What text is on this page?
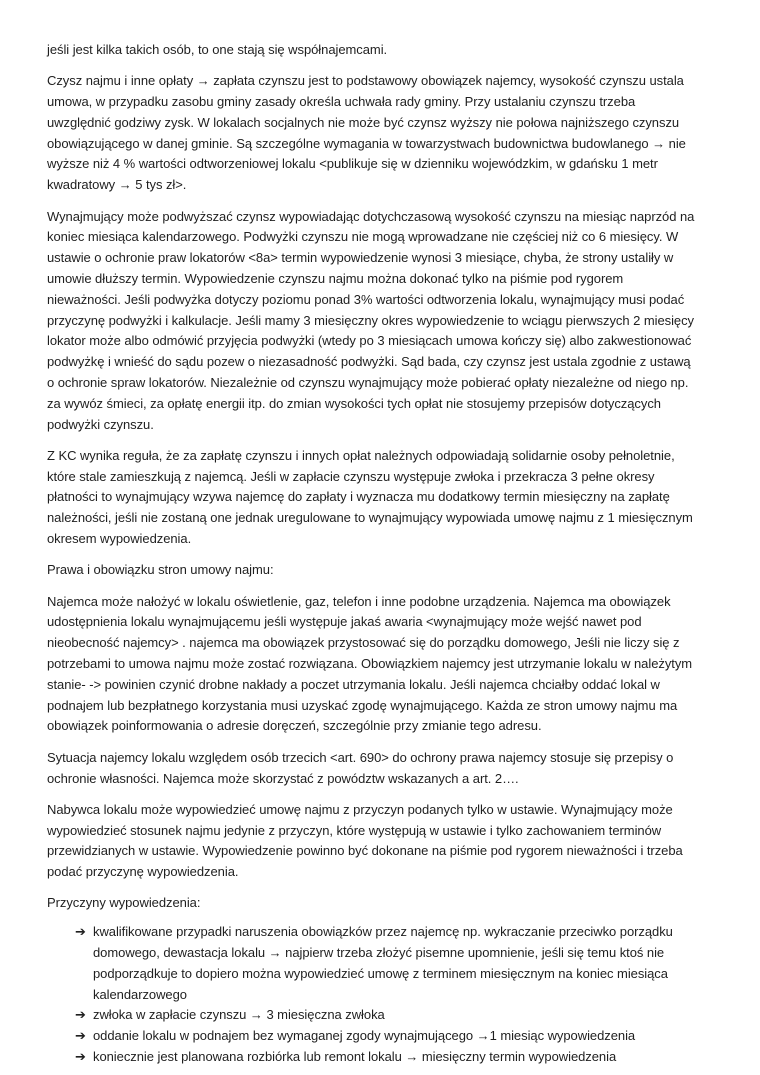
jeśli jest kilka takich osób, to one stają się współnajemcami.

Czysz najmu i inne opłaty → zapłata czynszu jest to podstawowy obowiązek najemcy, wysokość czynszu ustala umowa, w przypadku zasobu gminy zasady określa uchwała rady gminy. Przy ustalaniu czynszu trzeba uwzględnić godziwy zysk. W lokalach socjalnych nie może być czynsz wyższy nie połowa najniższego czynszu obowiązującego w danej gminie. Są szczególne wymagania w towarzystwach budownictwa budowlanego → nie wyższe niż 4 % wartości odtworzeniowej lokalu <publikuje się w dzienniku wojewódzkim, w gdańsku 1 metr kwadratowy → 5 tys zł>.

Wynajmujący może podwyższać czynsz wypowiadając dotychczasową wysokość czynszu na miesiąc naprzód na koniec miesiąca kalendarzowego. Podwyżki czynszu nie mogą wprowadzane nie częściej niż co 6 miesięcy. W ustawie o ochronie praw lokatorów <8a> termin wypowiedzenie wynosi 3 miesiące, chyba, że strony ustaliły w umowie dłuższy termin. Wypowiedzenie czynszu najmu można dokonać tylko na piśmie pod rygorem nieważności. Jeśli podwyżka dotyczy poziomu ponad 3% wartości odtworzenia lokalu, wynajmujący musi podać przyczynę podwyżki i kalkulacje. Jeśli mamy 3 miesięczny okres wypowiedzenie to wciągu pierwszych 2 miesięcy lokator może albo odmówić przyjęcia podwyżki (wtedy po 3 miesiącach umowa kończy się) albo zakwestionować podwyżkę i wnieść do sądu pozew o niezasadność podwyżki. Sąd bada, czy czynsz jest ustala zgodnie z ustawą o ochronie spraw lokatorów. Niezależnie od czynszu wynajmujący może pobierać opłaty niezależne od niego np. za wywóz śmieci, za opłatę energii itp. do zmian wysokości tych opłat nie stosujemy przepisów dotyczących podwyżki czynszu.

Z KC wynika reguła, że za zapłatę czynszu i innych opłat należnych odpowiadają solidarnie osoby pełnoletnie, które stale zamieszkują z najemcą. Jeśli w zapłacie czynszu występuje zwłoka i przekracza 3 pełne okresy płatności to wynajmujący wzywa najemcę do zapłaty i wyznacza mu dodatkowy termin miesięczny na zapłatę należności, jeśli nie zostaną one jednak uregulowane to wynajmujący wypowiada umowę najmu z 1 miesięcznym okresem wypowiedzenia.

Prawa i obowiązku stron umowy najmu:

Najemca może nałożyć w lokalu oświetlenie, gaz, telefon i inne podobne urządzenia. Najemca ma obowiązek udostępnienia lokalu wynajmującemu jeśli występuje jakaś awaria <wynajmujący może wejść nawet pod nieobecność najemcy> . najemca ma obowiązek przystosować się do porządku domowego, Jeśli nie liczy się z potrzebami to umowa najmu może zostać rozwiązana. Obowiązkiem najemcy jest utrzymanie lokalu w należytym stanie- -> powinien czynić drobne nakłady a poczet utrzymania lokalu. Jeśli najemca chciałby oddać lokal w podnajem lub bezpłatnego korzystania musi uzyskać zgodę wynajmującego. Każda ze stron umowy najmu ma obowiązek poinformowania o adresie doręczeń, szczególnie przy zmianie tego adresu.

Sytuacja najemcy lokalu względem osób trzecich <art. 690> do ochrony prawa najemcy stosuje się przepisy o ochronie własności. Najemca może skorzystać z powództw wskazanych a art. 2….

Nabywca lokalu może wypowiedzieć umowę najmu z przyczyn podanych tylko w ustawie. Wynajmujący może wypowiedzieć stosunek najmu jedynie z przyczyn, które występują w ustawie i tylko zachowaniem terminów przewidzianych w ustawie. Wypowiedzenie powinno być dokonane na piśmie pod rygorem nieważności i trzeba podać przyczynę wypowiedzenia.

Przyczyny wypowiedzenia:

➔ kwalifikowane przypadki naruszenia obowiązków przez najemcę np. wykraczanie przeciwko porządku domowego, dewastacja lokalu → najpierw trzeba złożyć pisemne upomnienie, jeśli się temu ktoś nie podporządkuje to dopiero można wypowiedzieć umowę z terminem miesięcznym na koniec miesiąca kalendarzowego
➔ zwłoka w zapłacie czynszu → 3 miesięczna zwłoka
➔ oddanie lokalu w podnajem bez wymaganej zgody wynajmującego →1 miesiąc wypowiedzenia
➔ koniecznie jest planowana rozbiórka lub remont lokalu → miesięczny termin wypowiedzenia
